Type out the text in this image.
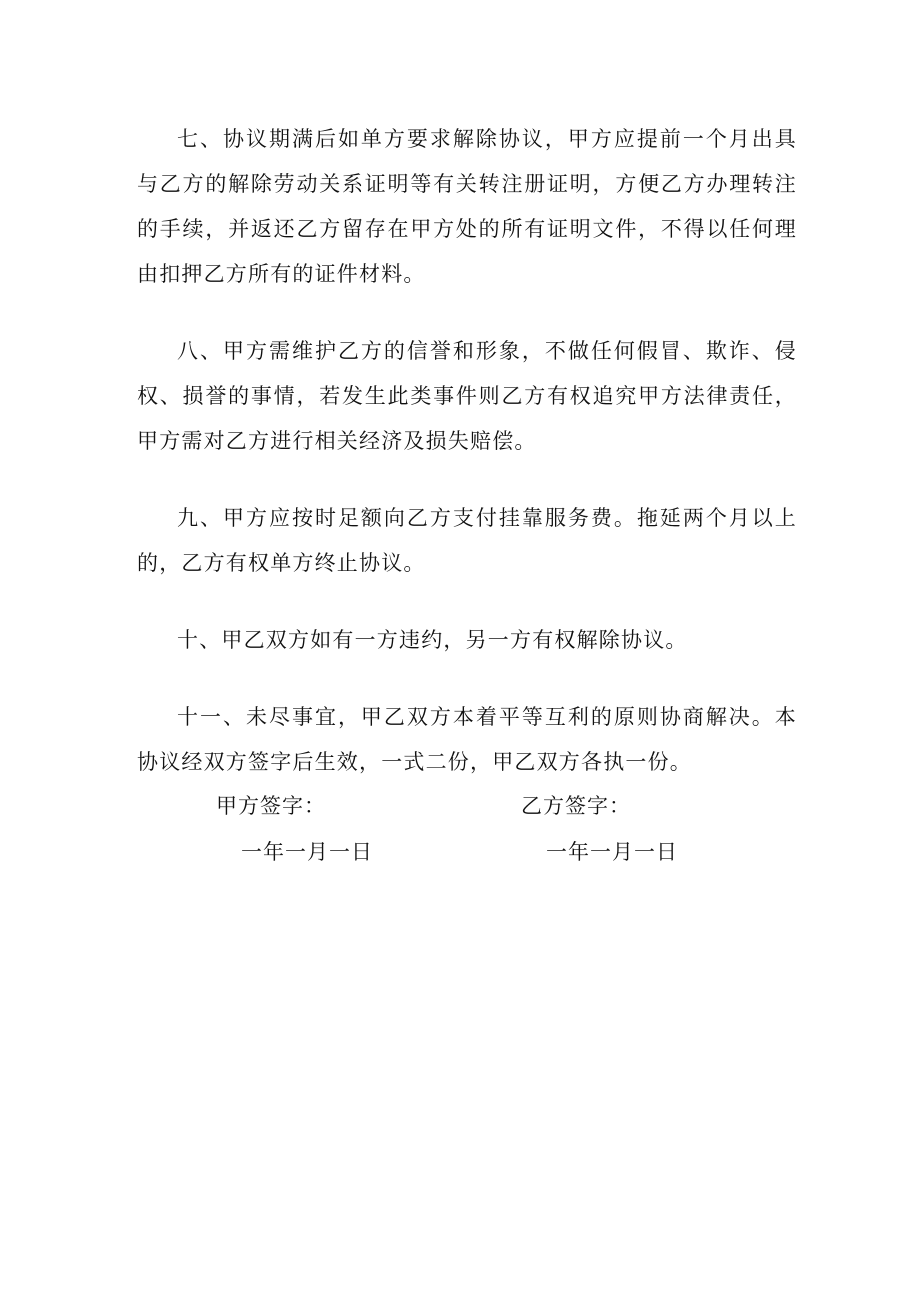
七、协议期满后如单方要求解除协议，甲方应提前一个月出具与乙方的解除劳动关系证明等有关转注册证明，方便乙方办理转注的手续，并返还乙方留存在甲方处的所有证明文件，不得以任何理由扣押乙方所有的证件材料。

八、甲方需维护乙方的信誉和形象，不做任何假冒、欺诈、侵权、损誉的事情，若发生此类事件则乙方有权追究甲方法律责任，甲方需对乙方进行相关经济及损失赔偿。

九、甲方应按时足额向乙方支付挂靠服务费。拖延两个月以上的，乙方有权单方终止协议。

十、甲乙双方如有一方违约，另一方有权解除协议。

十一、未尽事宜，甲乙双方本着平等互利的原则协商解决。本协议经双方签字后生效，一式二份，甲乙双方各执一份。

甲方签字：	乙方签字：
一年一月一日	一年一月一日
